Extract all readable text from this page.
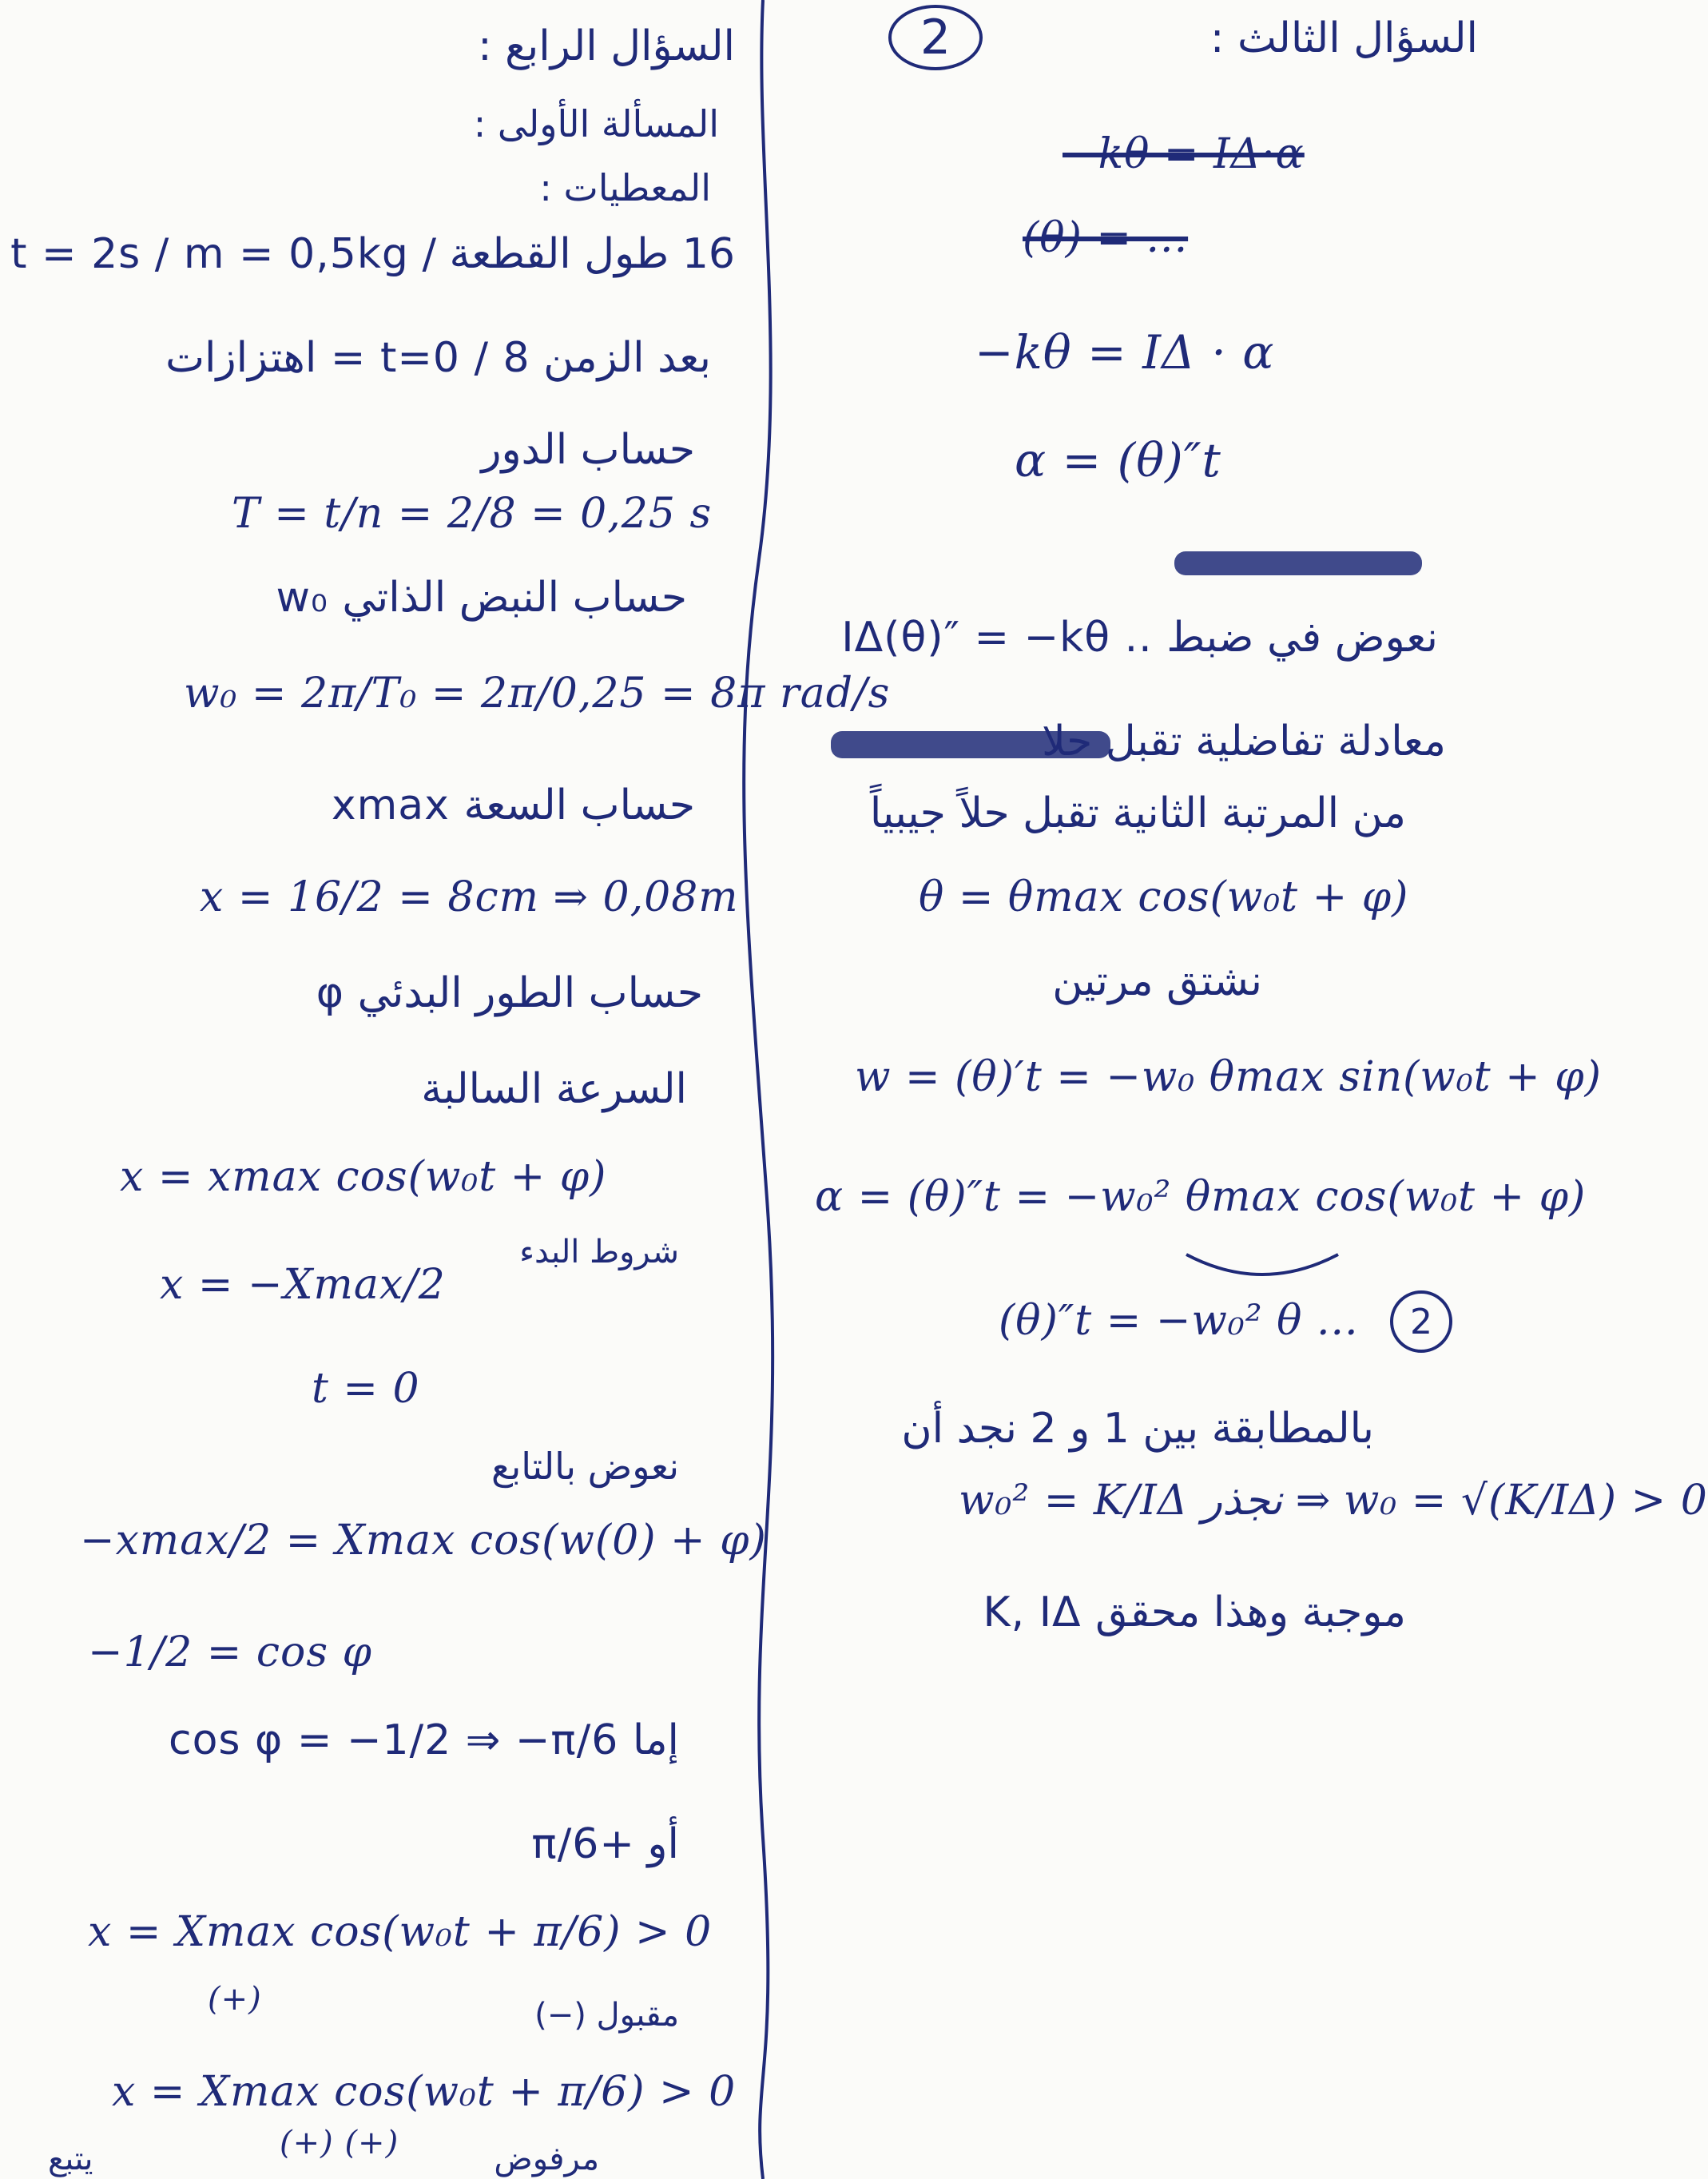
2
السؤال الرابع :
المسألة الأولى :
المعطيات :
16 طول القطعة / t = 2s / m = 0,5kg
بعد الزمن t=0 / 8 = اهتزازات
حساب الدور
T = t/n = 2/8 = 0,25 s
w₀ حساب النبض الذاتي
w₀ = 2π/T₀ = 2π/0,25 = 8π rad/s
xmax حساب السعة
x = 16/2 = 8cm ⇒ 0,08m
حساب الطور البدئي φ
السرعة السالبة
x = xmax cos(w₀t + φ)
شروط البدء
x = −Xmax/2
t = 0
نعوض بالتابع
−xmax/2 = Xmax cos(w(0) + φ)
−1/2 = cos φ
cos φ = −1/2 ⇒ −π/6 إما
أو +π/6
x = Xmax cos(w₀t + π/6) > 0
(+)	مقبول (−)
x = Xmax cos(w₀t + π/6) > 0
(+) (+)	مرفوض
يتبع
السؤال الثالث :
−kθ = IΔ·α
(θ) = ...
−kθ = IΔ · α
α = (θ)″t
IΔ(θ)″ = −kθ .. نعوض في ضبط
معادلة تفاضلية تقبل حلا
من المرتبة الثانية تقبل حلاً جيبياً
θ = θmax cos(w₀t + φ)
نشتق مرتين
w = (θ)′t = −w₀ θmax sin(w₀t + φ)
α = (θ)″t = −w₀² θmax cos(w₀t + φ)
(θ)″t = −w₀² θ ... 2
بالمطابقة بين 1 و 2 نجد أن
w₀² = K/IΔ نجذر ⇒ w₀ = √(K/IΔ) > 0
K, IΔ موجبة وهذا محقق
